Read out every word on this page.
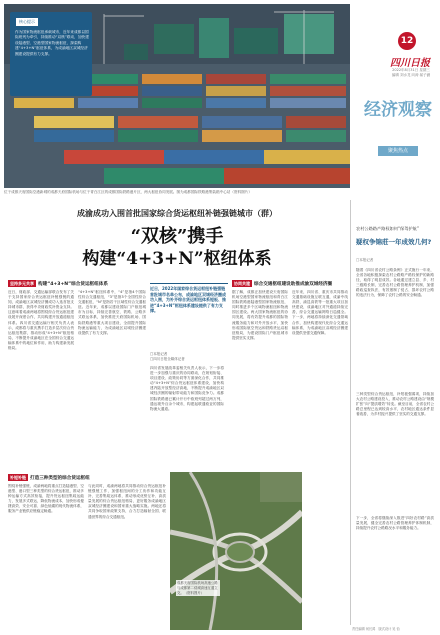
核心提示
作为国家物流枢纽承载城市，近年来成都以国际班列为牵引，持续推动“双核”联动，加快建设陆港型、空港型国家物流枢纽，探索构建“4+3+N”枢纽体系，为成渝地区双城经济圈建设提供有力支撑。
位于成都天府国际空港新城的成都天府国际机场与位于青白江区的成都国际铁路港片区，两大枢纽协同发展。图为成都国际铁路港集装箱中心站（资料图片）
12
四川日报
2022年8月31日 星期三
编辑 刘水龙 向涛 郝子涵
经济观察
聚焦热点
农村公路路产路权如何“保驾护航”
疑权争锦莊一年成效几何?
□本报记者
随着《四川省农村公路条例》正式施行一年来，全省各地积极探索农村公路路产路权保护的新路径，取得了明显成效。各地通过建立县、乡、村三级路长制，完善农村公路管理养护机制，加强路政巡查执法，有效遏制了侵占、损坏农村公路的违法行为，保障了农村公路的安全畅通。
三种类型综合货运枢纽，补短板强弱项，持续加大农村公路建设投入，推动农村公路建设由“规模扩张”向“提质增效”转变。截至目前，全省农村公路总里程已达到较高水平，农村地区通达条件显著改善，为乡村振兴提供了坚实的交通支撑。
下一步，全省将继续深入推进“四好农村路”高质量发展，健全完善农村公路管理养护体制机制，持续提升农村公路路况水平和服务能力。
成渝成功入围首批国家综合货运枢纽补链强链城市（群）
“双核”携手
构建“4+3+N”枢纽体系
坚持多元共享 构建“4+3+N”综合货运枢纽体系
近日，财政部、交通运输部联合发布了关于支持国家综合货运枢纽补链强链的通知，成渝地区双城经济圈成功入选首批支持城市群，获得中央财政奖补资金支持。这意味着成渝两地将围绕综合货运枢纽建设展开深度合作，共同构建开放通道枢纽体系。四川省交通运输厅相关负责人表示，成都将与重庆携手打造多层次综合货运枢纽集群，推动形成“4+3+N”枢纽格局，不断提升成渝地区在全国综合交通运输体系中的地位和作用，助力构建新发展格局。
“4+3+N”枢纽体系中，“4”是指4个国际性综合交通枢纽，“3”是指3个全国性综合交通枢纽，“N”是指若干区域性综合交通枢纽。近年来，成都以建设国际门户枢纽城市为目标，持续完善航空、铁路、公路多式联运体系，加快推进天府国际机场、国际铁路港等重大项目建设，全面提升国际物流运输能力，为成渝地区双城经济圈建设提供了有力支撑。
近日，2022年国家综合货运枢纽补链强链首批城市名单公布，成渝地区双城经济圈成功入围，为补齐综合货运枢纽体系短板、推进“4+3+N”枢纽体系建设提供了有力支撑。
□本报记者
□四川日报全媒体记者
四川省发展改革委相关负责人表示，下一步将进一步加强与重庆的协同联动，在规划衔接、项目建设、政策协同等方面深化合作，共同推动“4+3+N”综合货运枢纽体系建设，加快构建内陆开放型经济高地，不断提升成渝地区双城经济圈的辐射带动能力和国际竞争力。成都国际铁路港已累计开行中欧班列超过两万列，通达境外百余个城市，构建起联通欧亚的国际物流大通道。
协同共建 综合交通枢纽建设助推成渝双城经济圈
据了解，成都正加快建设天府国际机场空港型国家物流枢纽和青白江国际铁路港陆港型国家物流枢纽，同时推进多个区域物流枢纽和物流园区建设。两大国家物流枢纽的协同发展，将有效提升成都的国际物流服务能力和对外开放水平，加快形成国际航空货运和铁路货运双枢纽格局，为建设国际门户枢纽城市提供坚实支撑。
近年来，四川省、重庆市共同推动交通基础设施互联互通，成渝中线高铁、渝昆高铁等一批重大项目加快建设，成渝地区对外通道持续完善，综合交通运输网络日趋健全。下一步，两地将持续深化交通领域合作，加快构建现代化综合交通运输体系，为成渝地区双城经济圈建设提供坚强交通保障。
补短补链 打造三种类型的综合货运枢纽
围绕补链强链，成渝两地将重点打造陆港型、空港型、港口型三种类型的综合货运枢纽，推动多种运输方式高效衔接，提升货运枢纽集疏运能力，发展多式联运，降低物流成本，加快形成便捷高效、安全可靠、绿色低碳的现代物流体系，服务产业链供应链稳定畅通。
与此同时，成渝两地将共同推动综合货运枢纽补链强链工作，加强枢纽间的分工协作和功能互补，完善集疏运体系，推动形成优势互补、高质量发展的综合货运枢纽格局，更好服务成渝地区双城经济圈建设和国家重大战略实施。两地还将共同争取国家政策支持，合力打造辐射全国、联通世界的综合交通枢纽。
成都天府国际机场高速公路与成都第二绕城高速互通立交。（资料图片）
责任编辑 何长鸿　版式设计 吴 怡
